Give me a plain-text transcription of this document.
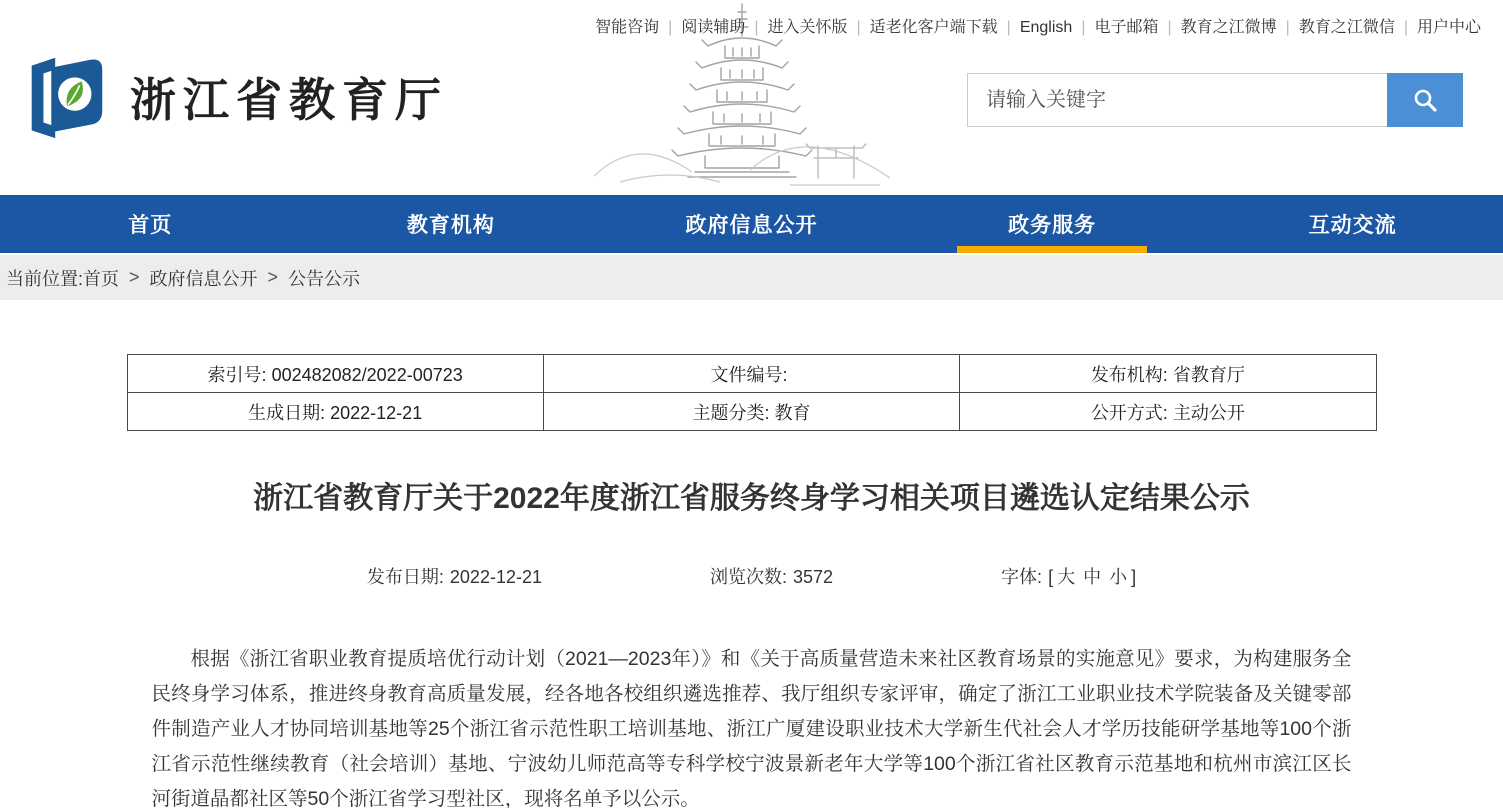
智能咨询 | 阅读辅助 | 进入关怀版 | 适老化客户端下载 | English | 电子邮箱 | 教育之江微博 | 教育之江微信 | 用户中心
浙江省教育厅
请输入关键字
首页	教育机构	政府信息公开	政务服务	互动交流
当前位置: 首页 > 政府信息公开 > 公告公示
索引号: 002482082/2022-00723	文件编号:	发布机构: 省教育厅
生成日期: 2022-12-21	主题分类: 教育	公开方式: 主动公开
浙江省教育厅关于2022年度浙江省服务终身学习相关项目遴选认定结果公示
发布日期: 2022-12-21	浏览次数: 3572	字体: [ 大 中 小 ]

根据《浙江省职业教育提质培优行动计划（2021—2023年）》和《关于高质量营造未来社区教育场景的实施意见》要求，为构建服务全民终身学习体系，推进终身教育高质量发展，经各地各校组织遴选推荐、我厅组织专家评审，确定了浙江工业职业技术学院装备及关键零部件制造产业人才协同培训基地等25个浙江省示范性职工培训基地、浙江广厦建设职业技术大学新生代社会人才学历技能研学基地等100个浙江省示范性继续教育（社会培训）基地、宁波幼儿师范高等专科学校宁波景新老年大学等100个浙江省社区教育示范基地和杭州市滨江区长河街道晶都社区等50个浙江省学习型社区，现将名单予以公示。
